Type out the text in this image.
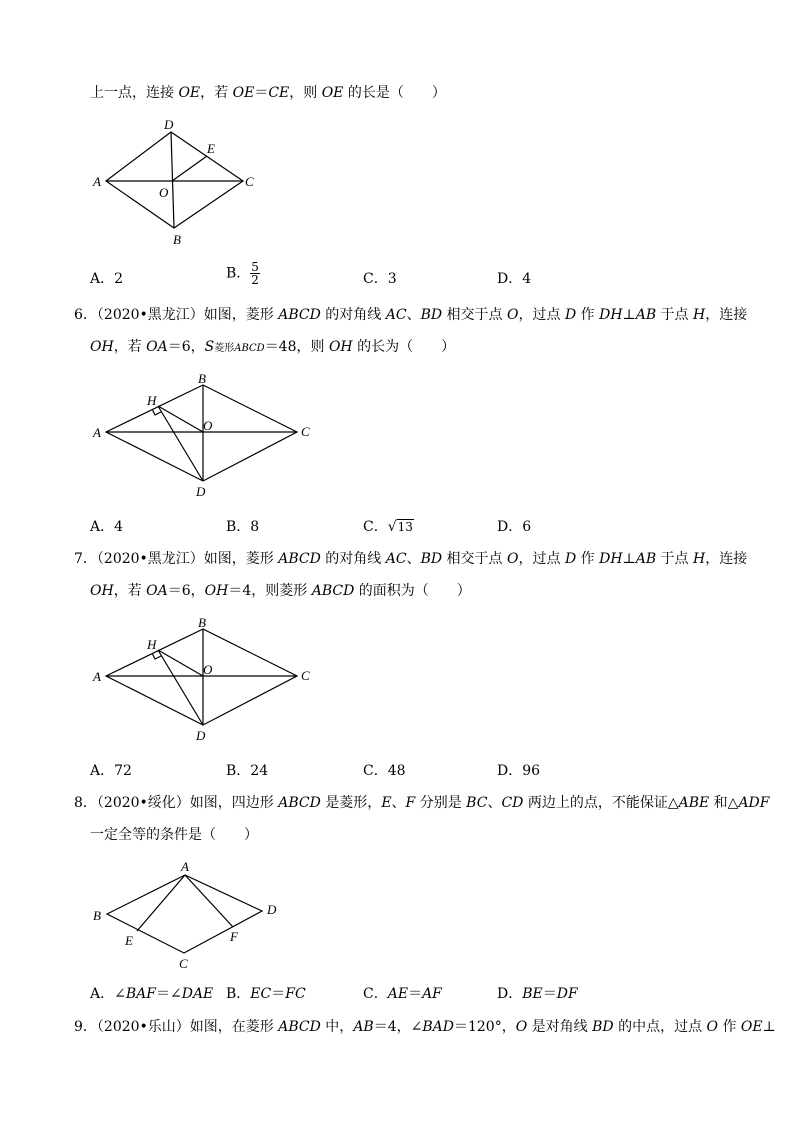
上一点，连接 OE，若 OE＝CE，则 OE 的长是（　　）
D
A	C
E
O
B
A．2	B． $\frac{5}{2}$	C．3	D．4
6．（2020•黑龙江）如图，菱形 ABCD 的对角线 AC、BD 相交于点 O，过点 D 作 DH⊥AB 于点 H，连接
OH，若 OA＝6，S菱形ABCD＝48，则 OH 的长为（　　）
B
H
A	O	C
D
A．4	B．8	C．√13	D．6
7．（2020•黑龙江）如图，菱形 ABCD 的对角线 AC、BD 相交于点 O，过点 D 作 DH⊥AB 于点 H，连接
OH，若 OA＝6，OH＝4，则菱形 ABCD 的面积为（　　）
B
H
A	O	C
D
A．72	B．24	C．48	D．96
8．（2020•绥化）如图，四边形 ABCD 是菱形，E、F 分别是 BC、CD 两边上的点，不能保证△ABE 和△ADF
一定全等的条件是（　　）
A
B	D
E	F
C
A．∠BAF＝∠DAE B．EC＝FC	C．AE＝AF	D．BE＝DF
9．（2020•乐山）如图，在菱形 ABCD 中，AB＝4，∠BAD＝120°，O 是对角线 BD 的中点，过点 O 作 OE⊥
